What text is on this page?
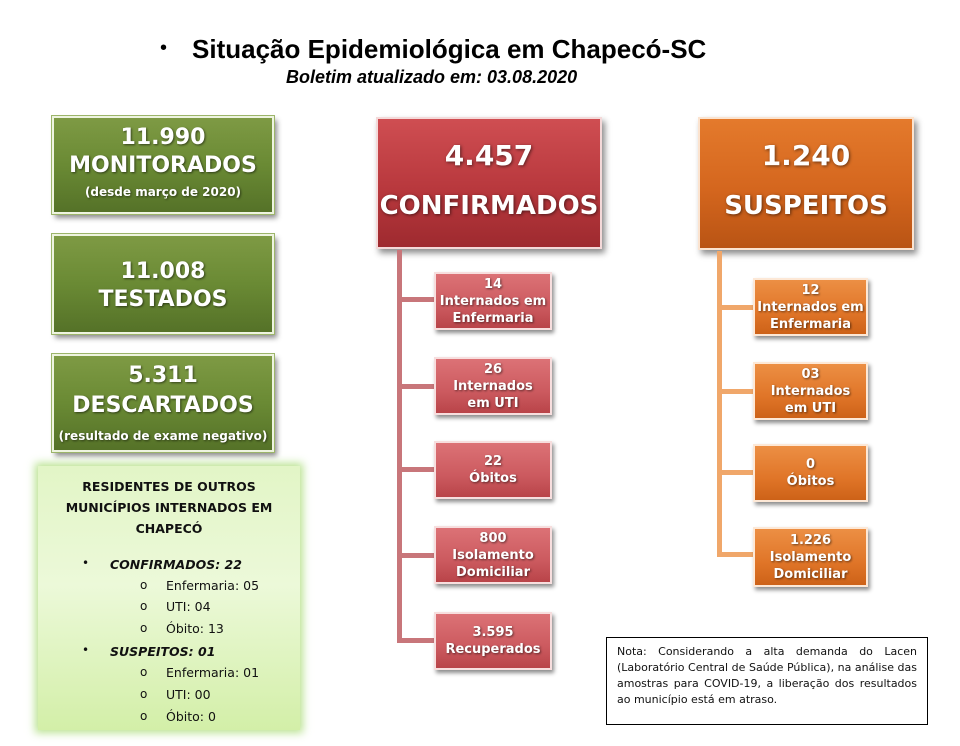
• Situação Epidemiológica em Chapecó-SC
Boletim atualizado em: 03.08.2020
11.990
MONITORADOS
(desde março de 2020)
11.008
TESTADOS
5.311
DESCARTADOS
(resultado de exame negativo)
4.457
CONFIRMADOS
14
Internados em Enfermaria
26
Internados em UTI
22
Óbitos
800
Isolamento Domiciliar
3.595
Recuperados
1.240
SUSPEITOS
12
Internados em Enfermaria
03
Internados em UTI
0
Óbitos
1.226
Isolamento Domiciliar
RESIDENTES DE OUTROS MUNICÍPIOS INTERNADOS EM CHAPECÓ
• CONFIRMADOS: 22
o Enfermaria: 05
o UTI: 04
o Óbito: 13
• SUSPEITOS: 01
o Enfermaria: 01
o UTI: 00
o Óbito: 0
Nota: Considerando a alta demanda do Lacen (Laboratório Central de Saúde Pública), na análise das amostras para COVID-19, a liberação dos resultados ao município está em atraso.
